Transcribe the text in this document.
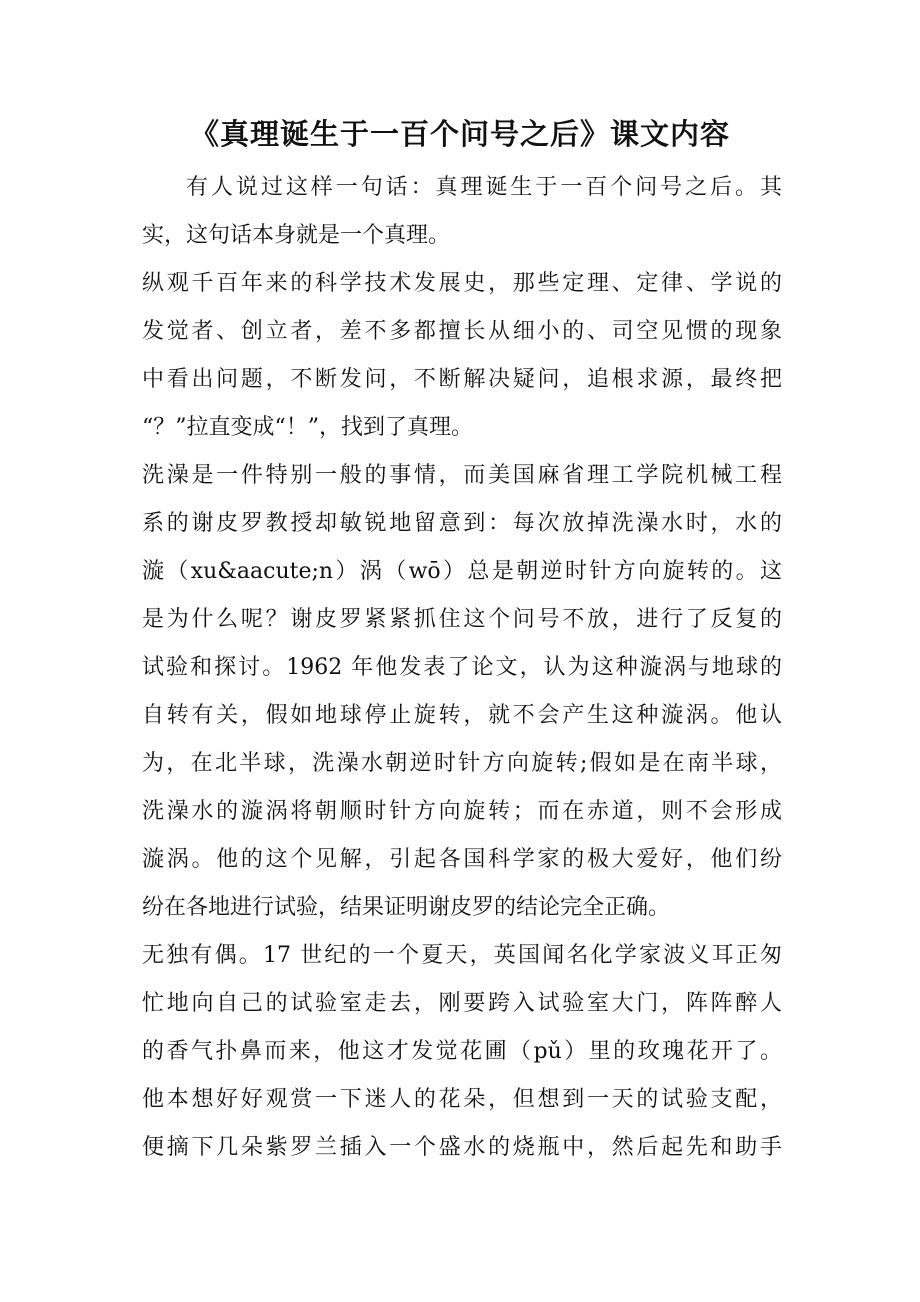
《真理诞生于一百个问号之后》课文内容

有人说过这样一句话：真理诞生于一百个问号之后。其
实，这句话本身就是一个真理。

纵观千百年来的科学技术发展史，那些定理、定律、学说的
发觉者、创立者，差不多都擅长从细小的、司空见惯的现象
中看出问题，不断发问，不断解决疑问，追根求源，最终把
“？”拉直变成“！”，找到了真理。

洗澡是一件特别一般的事情，而美国麻省理工学院机械工程
系的谢皮罗教授却敏锐地留意到：每次放掉洗澡水时，水的
漩（xu&aacute;n）涡（wō）总是朝逆时针方向旋转的。这
是为什么呢？谢皮罗紧紧抓住这个问号不放，进行了反复的
试验和探讨。1962 年他发表了论文，认为这种漩涡与地球的
自转有关，假如地球停止旋转，就不会产生这种漩涡。他认
为，在北半球，洗澡水朝逆时针方向旋转;假如是在南半球，
洗澡水的漩涡将朝顺时针方向旋转；而在赤道，则不会形成
漩涡。他的这个见解，引起各国科学家的极大爱好，他们纷
纷在各地进行试验，结果证明谢皮罗的结论完全正确。

无独有偶。17 世纪的一个夏天，英国闻名化学家波义耳正匆
忙地向自己的试验室走去，刚要跨入试验室大门，阵阵醉人
的香气扑鼻而来，他这才发觉花圃（pǔ）里的玫瑰花开了。
他本想好好观赏一下迷人的花朵，但想到一天的试验支配，
便摘下几朵紫罗兰插入一个盛水的烧瓶中，然后起先和助手
